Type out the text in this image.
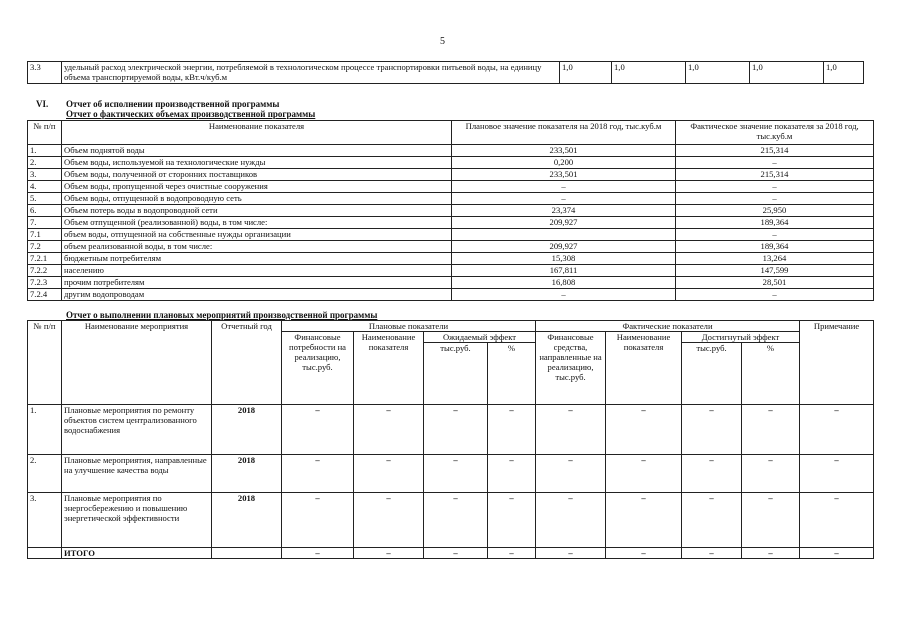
5
3.3	удельный расход электрической энергии, потребляемой в технологическом процессе транспортировки питьевой воды, на единицу объема транспортируемой воды, кВт.ч/куб.м	1,0	1,0	1,0	1,0	1,0
VI. Отчет об исполнении производственной программы
Отчет о фактических объемах производственной программы
№ п/п	Наименование показателя	Плановое значение показателя на 2018 год, тыс.куб.м	Фактическое значение показателя за 2018 год, тыс.куб.м
1.	Объем поднятой воды	233,501	215,314
2.	Объем воды, используемой на технологические нужды	0,200	–
3.	Объем воды, полученной от сторонних поставщиков	233,501	215,314
4.	Объем воды, пропущенной через очистные сооружения	–	–
5.	Объем воды, отпущенной в водопроводную сеть	–	–
6.	Объем потерь воды в водопроводной сети	23,374	25,950
7.	Объем отпущенной (реализованной) воды, в том числе:	209,927	189,364
7.1	объем воды, отпущенной на собственные нужды организации		–
7.2	объем реализованной воды, в том числе:	209,927	189,364
7.2.1	бюджетным потребителям	15,308	13,264
7.2.2	населению	167,811	147,599
7.2.3	прочим потребителям	16,808	28,501
7.2.4	другим водопроводам	–	–
Отчет о выполнении плановых мероприятий производственной программы
№ п/п	Наименование мероприятия	Отчетный год	Плановые показатели				Фактические показатели				Примечание
			Финансовые потребности на реализацию, тыс.руб.	Наименование показателя	Ожидаемый эффект		Финансовые средства, направленные на реализацию, тыс.руб.	Наименование показателя	Достигнутый эффект		
					тыс.руб.	%			тыс.руб.	%	
1.	Плановые мероприятия по ремонту объектов систем централизованного водоснабжения	2018	–	–	–	–	–	–	–	–	–
2.	Плановые мероприятия, направленные на улучшение качества воды	2018	–	–	–	–	–	–	–	–	–
3.	Плановые мероприятия по энергосбережению и повышению энергетической эффективности	2018	–	–	–	–	–	–	–	–	–
	ИТОГО		–	–	–	–	–	–	–	–	–
